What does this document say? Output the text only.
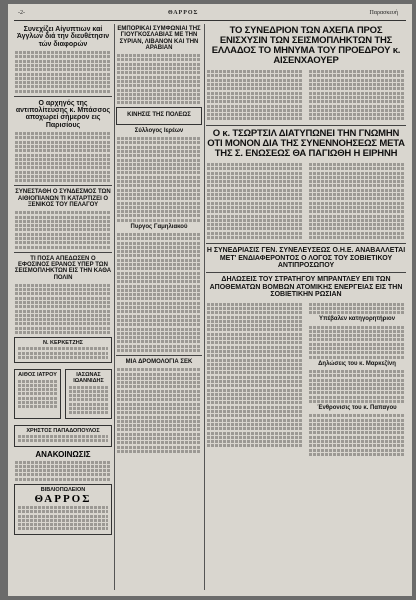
-2-	ΘΑΡΡΟΣ	Παρασκευή
Συνεχίζει Αίγυπτιων καί Άγγλων διά την διευθέτησιν τών διαφορών
Ο αρχηγός της αντιπολίτευσης κ. Μπάσσος αποχωρεί σήμερον εις Παρισίους
ΣΥΝΕΣΤΑΘΗ Ο ΣΥΝΔΕΣΜΟΣ ΤΩΝ ΑΙΘΙΟΠΙΑΝΩΝ ΤΙ ΚΑΤΑΡΤΙΖΕΙ Ο ΞΕΝΙΚΟΣ ΤΟΥ ΠΕΛΑΓΟΥ
ΤΙ ΠΟΣΑ ΑΠΕΔΩΣΕΝ Ο ΕΦΟΣΙΝΟΣ ΕΡΑΝΟΣ ΥΠΕΡ ΤΩΝ ΣΕΙΣΜΟΠΛΗΚΤΩΝ ΕΙΣ ΤΗΝ ΚΑΘΑ ΠΟΛΙΝ
Ν. ΚΕΡΚΕΤΖΗΣ
ΑΙΘΟΣ ΙΑΤΡΟΥ	ΙΑΣΩΝΑΣ ΙΩΑΝΝΙΔΗΣ
ΧΡΗΣΤΟΣ ΠΑΠΑΔΟΠΟΥΛΟΣ
ΑΝΑΚΟΙΝΩΣΙΣ
ΒΙΒΛΙΟΠΩΛΕΙΟΝ
ΘΑΡΡΟΣ
ΕΜΠΟΡΙΚΑΙ ΣΥΜΦΩΝΙΑΙ ΤΗΣ ΓΙΟΥΓΚΟΣΛΑΒΙΑΣ ΜΕ ΤΗΝ ΣΥΡΙΑΝ, ΛΙΒΑΝΟΝ ΚΑΙ ΤΗΝ ΑΡΑΒΙΑΝ
ΚΙΝΗΣΙΣ ΤΗΣ ΠΟΛΕΩΣ
Σύλλογος Ιερέων
Πυργος Γαμηλιακού
ΜΙΑ ΔΡΟΜΟΛΟΓΙΑ ΣΕΚ
ΤΟ ΣΥΝΕΔΡΙΟΝ ΤΩΝ ΑΧΕΠΑ ΠΡΟΣ ΕΝΙΣΧΥΣΙΝ ΤΩΝ ΣΕΙΣΜΟΠΛΗΚΤΩΝ ΤΗΣ ΕΛΛΑΔΟΣ ΤΟ ΜΗΝΥΜΑ ΤΟΥ ΠΡΟΕΔΡΟΥ κ. ΑΙΣΕΝΧΑΟΥΕΡ
Ο κ. ΤΣΩΡΤΣΙΛ ΔΙΑΤΥΠΩΝΕΙ ΤΗΝ ΓΝΩΜΗΝ ΟΤΙ ΜΟΝΟΝ ΔΙΑ ΤΗΣ ΣΥΝΕΝΝΟΗΣΕΩΣ ΜΕΤΑ ΤΗΣ Σ. ΕΝΩΣΕΩΣ ΘΑ ΠΑΓΙΩΘΗ Η ΕΙΡΗΝΗ
Η ΣΥΝΕΔΡΙΑΣΙΣ ΓΕΝ. ΣΥΝΕΛΕΥΣΕΩΣ Ο.Η.Ε. ΑΝΑΒΑΛΛΕΤΑΙ ΜΕΤ' ΕΝΔΙΑΦΕΡΟΝΤΟΣ Ο ΛΟΓΟΣ ΤΟΥ ΣΟΒΙΕΤΙΚΟΥ ΑΝΤΙΠΡΟΣΩΠΟΥ
ΔΗΛΩΣΕΙΣ ΤΟΥ ΣΤΡΑΤΗΓΟΥ ΜΠΡΑΝΤΛΕΥ ΕΠΙ ΤΩΝ ΑΠΟΘΕΜΑΤΩΝ ΒΟΜΒΩΝ ΑΤΟΜΙΚΗΣ ΕΝΕΡΓΕΙΑΣ ΕΙΣ ΤΗΝ ΣΟΒΙΕΤΙΚΗΝ ΡΩΣΙΑΝ
Υπέβαλεν κατηγορητήριον
Δηλώσεις του κ. Μαρκεζίνη
Ένθρονισις του κ. Παπαγου
